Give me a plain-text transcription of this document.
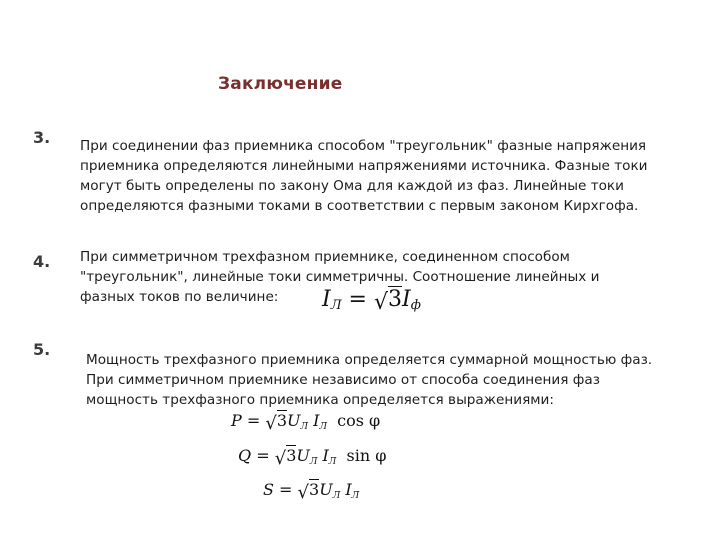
Заключение
3. При соединении фаз приемника способом "треугольник" фазные напряжения
приемника определяются линейными напряжениями источника. Фазные токи
могут быть определены по закону Ома для каждой из фаз. Линейные токи
определяются фазными токами в соответствии с первым законом Кирхгофа.
4. При симметричном трехфазном приемнике, соединенном способом
"треугольник", линейные токи симметричны. Соотношение линейных и
фазных токов по величине:	$I_Л = √3I_ф$
5.
Мощность трехфазного приемника определяется суммарной мощностью фаз.
При симметричном приемнике независимо от способа соединения фаз
мощность трехфазного приемника определяется выражениями:
$P = √3U_Л$ $I_Л$ cos φ
$Q = √3U_Л$ $I_Л$ sin φ
$S = √3U_Л$ $I_Л$
